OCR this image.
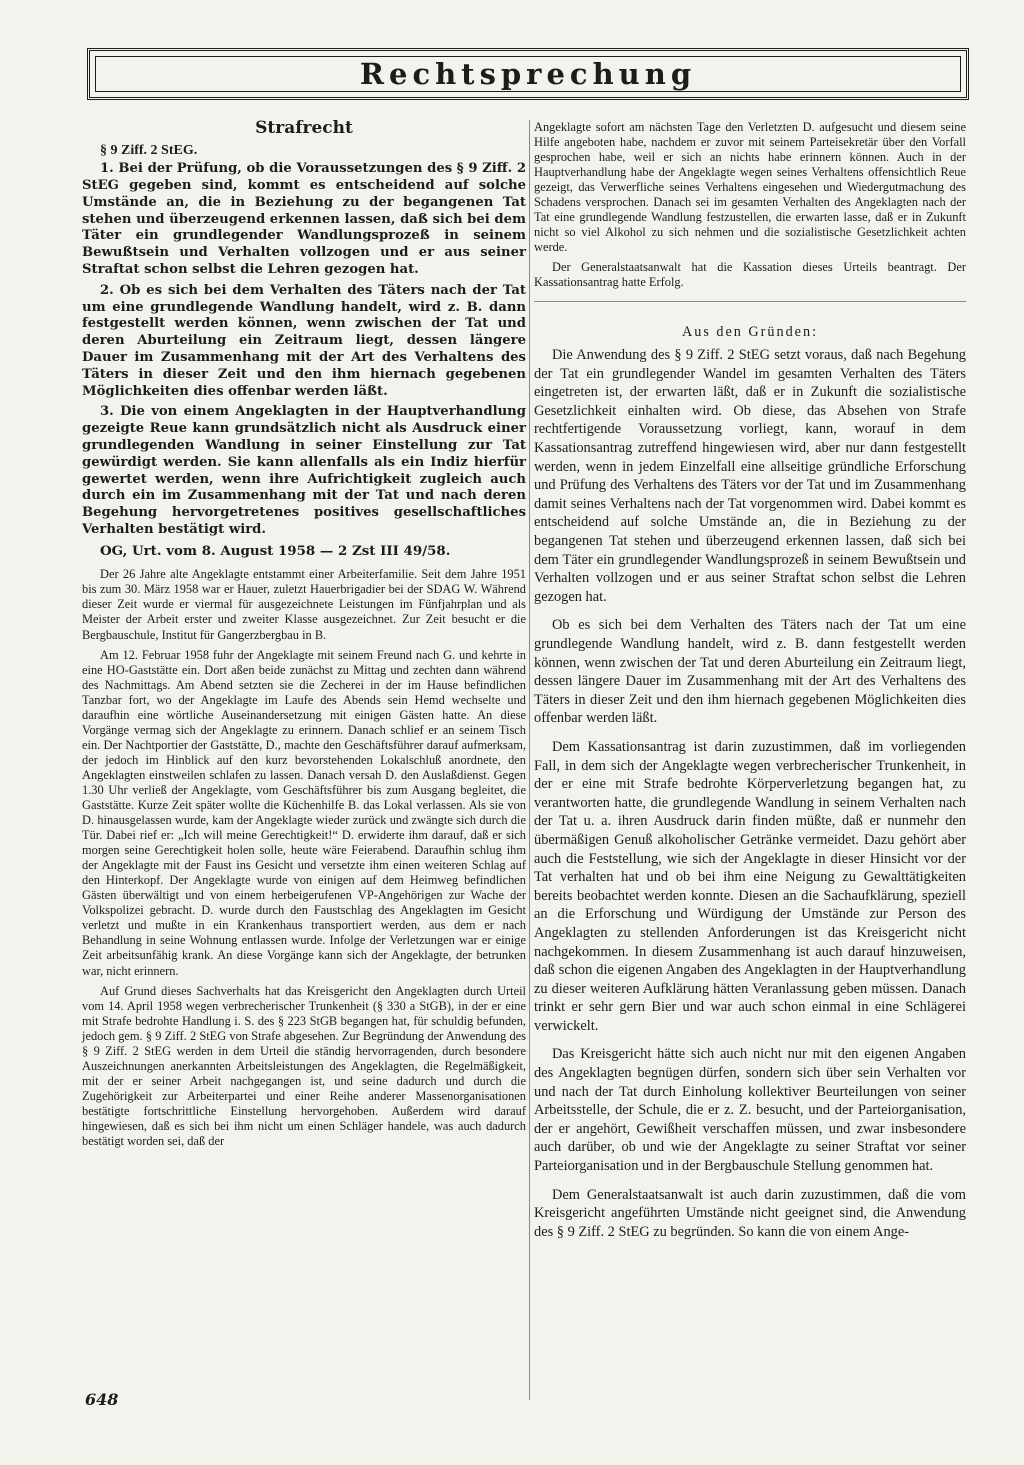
Rechtsprechung
Strafrecht

§ 9 Ziff. 2 StEG.

1. Bei der Prüfung, ob die Voraussetzungen des § 9 Ziff. 2 StEG gegeben sind, kommt es entscheidend auf solche Umstände an, die in Beziehung zu der begangenen Tat stehen und überzeugend erkennen lassen, daß sich bei dem Täter ein grundlegender Wandlungsprozeß in seinem Bewußtsein und Verhalten vollzogen und er aus seiner Straftat schon selbst die Lehren gezogen hat.

2. Ob es sich bei dem Verhalten des Täters nach der Tat um eine grundlegende Wandlung handelt, wird z. B. dann festgestellt werden können, wenn zwischen der Tat und deren Aburteilung ein Zeitraum liegt, dessen längere Dauer im Zusammenhang mit der Art des Verhaltens des Täters in dieser Zeit und den ihm hiernach gegebenen Möglichkeiten dies offenbar werden läßt.

3. Die von einem Angeklagten in der Hauptverhandlung gezeigte Reue kann grundsätzlich nicht als Ausdruck einer grundlegenden Wandlung in seiner Einstellung zur Tat gewürdigt werden. Sie kann allenfalls als ein Indiz hierfür gewertet werden, wenn ihre Aufrichtigkeit zugleich auch durch ein im Zusammenhang mit der Tat und nach deren Begehung hervorgetretenes positives gesellschaftliches Verhalten bestätigt wird.

OG, Urt. vom 8. August 1958 — 2 Zst III 49/58.

Der 26 Jahre alte Angeklagte entstammt einer Arbeiterfamilie. Seit dem Jahre 1951 bis zum 30. März 1958 war er Hauer, zuletzt Hauerbrigadier bei der SDAG W. Während dieser Zeit wurde er viermal für ausgezeichnete Leistungen im Fünfjahrplan und als Meister der Arbeit erster und zweiter Klasse ausgezeichnet. Zur Zeit besucht er die Bergbauschule, Institut für Gangerzbergbau in B.

Am 12. Februar 1958 fuhr der Angeklagte mit seinem Freund nach G. und kehrte in eine HO-Gaststätte ein. Dort aßen beide zunächst zu Mittag und zechten dann während des Nachmittags. Am Abend setzten sie die Zecherei in der im Hause befindlichen Tanzbar fort, wo der Angeklagte im Laufe des Abends sein Hemd wechselte und daraufhin eine wörtliche Auseinandersetzung mit einigen Gästen hatte. An diese Vorgänge vermag sich der Angeklagte zu erinnern. Danach schlief er an seinem Tisch ein. Der Nachtportier der Gaststätte, D., machte den Geschäftsführer darauf aufmerksam, der jedoch im Hinblick auf den kurz bevorstehenden Lokalschluß anordnete, den Angeklagten einstweilen schlafen zu lassen. Danach versah D. den Auslaßdienst. Gegen 1.30 Uhr verließ der Angeklagte, vom Geschäftsführer bis zum Ausgang begleitet, die Gaststätte. Kurze Zeit später wollte die Küchenhilfe B. das Lokal verlassen. Als sie von D. hinausgelassen wurde, kam der Angeklagte wieder zurück und zwängte sich durch die Tür. Dabei rief er: „Ich will meine Gerechtigkeit!“ D. erwiderte ihm darauf, daß er sich morgen seine Gerechtigkeit holen solle, heute wäre Feierabend. Daraufhin schlug ihm der Angeklagte mit der Faust ins Gesicht und versetzte ihm einen weiteren Schlag auf den Hinterkopf. Der Angeklagte wurde von einigen auf dem Heimweg befindlichen Gästen überwältigt und von einem herbeigerufenen VP-Angehörigen zur Wache der Volkspolizei gebracht. D. wurde durch den Faustschlag des Angeklagten im Gesicht verletzt und mußte in ein Krankenhaus transportiert werden, aus dem er nach Behandlung in seine Wohnung entlassen wurde. Infolge der Verletzungen war er einige Zeit arbeitsunfähig krank. An diese Vorgänge kann sich der Angeklagte, der betrunken war, nicht erinnern.

Auf Grund dieses Sachverhalts hat das Kreisgericht den Angeklagten durch Urteil vom 14. April 1958 wegen verbrecherischer Trunkenheit (§ 330 a StGB), in der er eine mit Strafe bedrohte Handlung i. S. des § 223 StGB begangen hat, für schuldig befunden, jedoch gem. § 9 Ziff. 2 StEG von Strafe abgesehen. Zur Begründung der Anwendung des § 9 Ziff. 2 StEG werden in dem Urteil die ständig hervorragenden, durch besondere Auszeichnungen anerkannten Arbeitsleistungen des Angeklagten, die Regelmäßigkeit, mit der er seiner Arbeit nachgegangen ist, und seine dadurch und durch die Zugehörigkeit zur Arbeiterpartei und einer Reihe anderer Massenorganisationen bestätigte fortschrittliche Einstellung hervorgehoben. Außerdem wird darauf hingewiesen, daß es sich bei ihm nicht um einen Schläger handele, was auch dadurch bestätigt worden sei, daß der

Angeklagte sofort am nächsten Tage den Verletzten D. aufgesucht und diesem seine Hilfe angeboten habe, nachdem er zuvor mit seinem Parteisekretär über den Vorfall gesprochen habe, weil er sich an nichts habe erinnern können. Auch in der Hauptverhandlung habe der Angeklagte wegen seines Verhaltens offensichtlich Reue gezeigt, das Verwerfliche seines Verhaltens eingesehen und Wiedergutmachung des Schadens versprochen. Danach sei im gesamten Verhalten des Angeklagten nach der Tat eine grundlegende Wandlung festzustellen, die erwarten lasse, daß er in Zukunft nicht so viel Alkohol zu sich nehmen und die sozialistische Gesetzlichkeit achten werde.

Der Generalstaatsanwalt hat die Kassation dieses Urteils beantragt. Der Kassationsantrag hatte Erfolg.

Aus den Gründen:

Die Anwendung des § 9 Ziff. 2 StEG setzt voraus, daß nach Begehung der Tat ein grundlegender Wandel im gesamten Verhalten des Täters eingetreten ist, der erwarten läßt, daß er in Zukunft die sozialistische Gesetzlichkeit einhalten wird. Ob diese, das Absehen von Strafe rechtfertigende Voraussetzung vorliegt, kann, worauf in dem Kassationsantrag zutreffend hingewiesen wird, aber nur dann festgestellt werden, wenn in jedem Einzelfall eine allseitige gründliche Erforschung und Prüfung des Verhaltens des Täters vor der Tat und im Zusammenhang damit seines Verhaltens nach der Tat vorgenommen wird. Dabei kommt es entscheidend auf solche Umstände an, die in Beziehung zu der begangenen Tat stehen und überzeugend erkennen lassen, daß sich bei dem Täter ein grundlegender Wandlungsprozeß in seinem Bewußtsein und Verhalten vollzogen und er aus seiner Straftat schon selbst die Lehren gezogen hat.

Ob es sich bei dem Verhalten des Täters nach der Tat um eine grundlegende Wandlung handelt, wird z. B. dann festgestellt werden können, wenn zwischen der Tat und deren Aburteilung ein Zeitraum liegt, dessen längere Dauer im Zusammenhang mit der Art des Verhaltens des Täters in dieser Zeit und den ihm hiernach gegebenen Möglichkeiten dies offenbar werden läßt.

Dem Kassationsantrag ist darin zuzustimmen, daß im vorliegenden Fall, in dem sich der Angeklagte wegen verbrecherischer Trunkenheit, in der er eine mit Strafe bedrohte Körperverletzung begangen hat, zu verantworten hatte, die grundlegende Wandlung in seinem Verhalten nach der Tat u. a. ihren Ausdruck darin finden müßte, daß er nunmehr den übermäßigen Genuß alkoholischer Getränke vermeidet. Dazu gehört aber auch die Feststellung, wie sich der Angeklagte in dieser Hinsicht vor der Tat verhalten hat und ob bei ihm eine Neigung zu Gewalttätigkeiten bereits beobachtet werden konnte. Diesen an die Sachaufklärung, speziell an die Erforschung und Würdigung der Umstände zur Person des Angeklagten zu stellenden Anforderungen ist das Kreisgericht nicht nachgekommen. In diesem Zusammenhang ist auch darauf hinzuweisen, daß schon die eigenen Angaben des Angeklagten in der Hauptverhandlung zu dieser weiteren Aufklärung hätten Veranlassung geben müssen. Danach trinkt er sehr gern Bier und war auch schon einmal in eine Schlägerei verwickelt.

Das Kreisgericht hätte sich auch nicht nur mit den eigenen Angaben des Angeklagten begnügen dürfen, sondern sich über sein Verhalten vor und nach der Tat durch Einholung kollektiver Beurteilungen von seiner Arbeitsstelle, der Schule, die er z. Z. besucht, und der Parteiorganisation, der er angehört, Gewißheit verschaffen müssen, und zwar insbesondere auch darüber, ob und wie der Angeklagte zu seiner Straftat vor seiner Parteiorganisation und in der Bergbauschule Stellung genommen hat.

Dem Generalstaatsanwalt ist auch darin zuzustimmen, daß die vom Kreisgericht angeführten Umstände nicht geeignet sind, die Anwendung des § 9 Ziff. 2 StEG zu begründen. So kann die von einem Ange-

648
